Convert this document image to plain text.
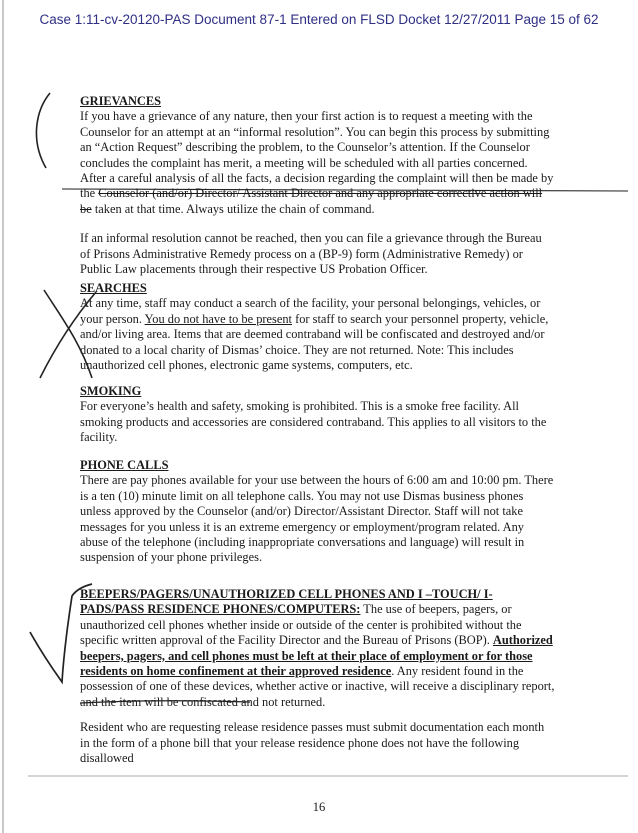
Case 1:11-cv-20120-PAS Document 87-1 Entered on FLSD Docket 12/27/2011 Page 15 of 62
GRIEVANCES

If you have a grievance of any nature, then your first action is to request a meeting with the Counselor for an attempt at an “informal resolution”. You can begin this process by submitting an “Action Request” describing the problem, to the Counselor’s attention. If the Counselor concludes the complaint has merit, a meeting will be scheduled with all parties concerned. After a careful analysis of all the facts, a decision regarding the complaint will then be made by the Counselor (and/or) Director/ Assistant Director and any appropriate corrective action will be taken at that time. Always utilize the chain of command.

If an informal resolution cannot be reached, then you can file a grievance through the Bureau of Prisons Administrative Remedy process on a (BP-9) form (Administrative Remedy) or Public Law placements through their respective US Probation Officer.

SEARCHES

At any time, staff may conduct a search of the facility, your personal belongings, vehicles, or your person. You do not have to be present for staff to search your personnel property, vehicle, and/or living area. Items that are deemed contraband will be confiscated and destroyed and/or donated to a local charity of Dismas’ choice. They are not returned. Note: This includes unauthorized cell phones, electronic game systems, computers, etc.

SMOKING

For everyone’s health and safety, smoking is prohibited. This is a smoke free facility. All smoking products and accessories are considered contraband. This applies to all visitors to the facility.

PHONE CALLS

There are pay phones available for your use between the hours of 6:00 am and 10:00 pm. There is a ten (10) minute limit on all telephone calls. You may not use Dismas business phones unless approved by the Counselor (and/or) Director/Assistant Director. Staff will not take messages for you unless it is an extreme emergency or employment/program related. Any abuse of the telephone (including inappropriate conversations and language) will result in suspension of your phone privileges.

BEEPERS/PAGERS/UNAUTHORIZED CELL PHONES AND I –TOUCH/ I-PADS/PASS RESIDENCE PHONES/COMPUTERS: The use of beepers, pagers, or unauthorized cell phones whether inside or outside of the center is prohibited without the specific written approval of the Facility Director and the Bureau of Prisons (BOP). Authorized beepers, pagers, and cell phones must be left at their place of employment or for those residents on home confinement at their approved residence. Any resident found in the possession of one of these devices, whether active or inactive, will receive a disciplinary report, and the item will be confiscated and not returned.

Resident who are requesting release residence passes must submit documentation each month in the form of a phone bill that your release residence phone does not have the following disallowed

16
